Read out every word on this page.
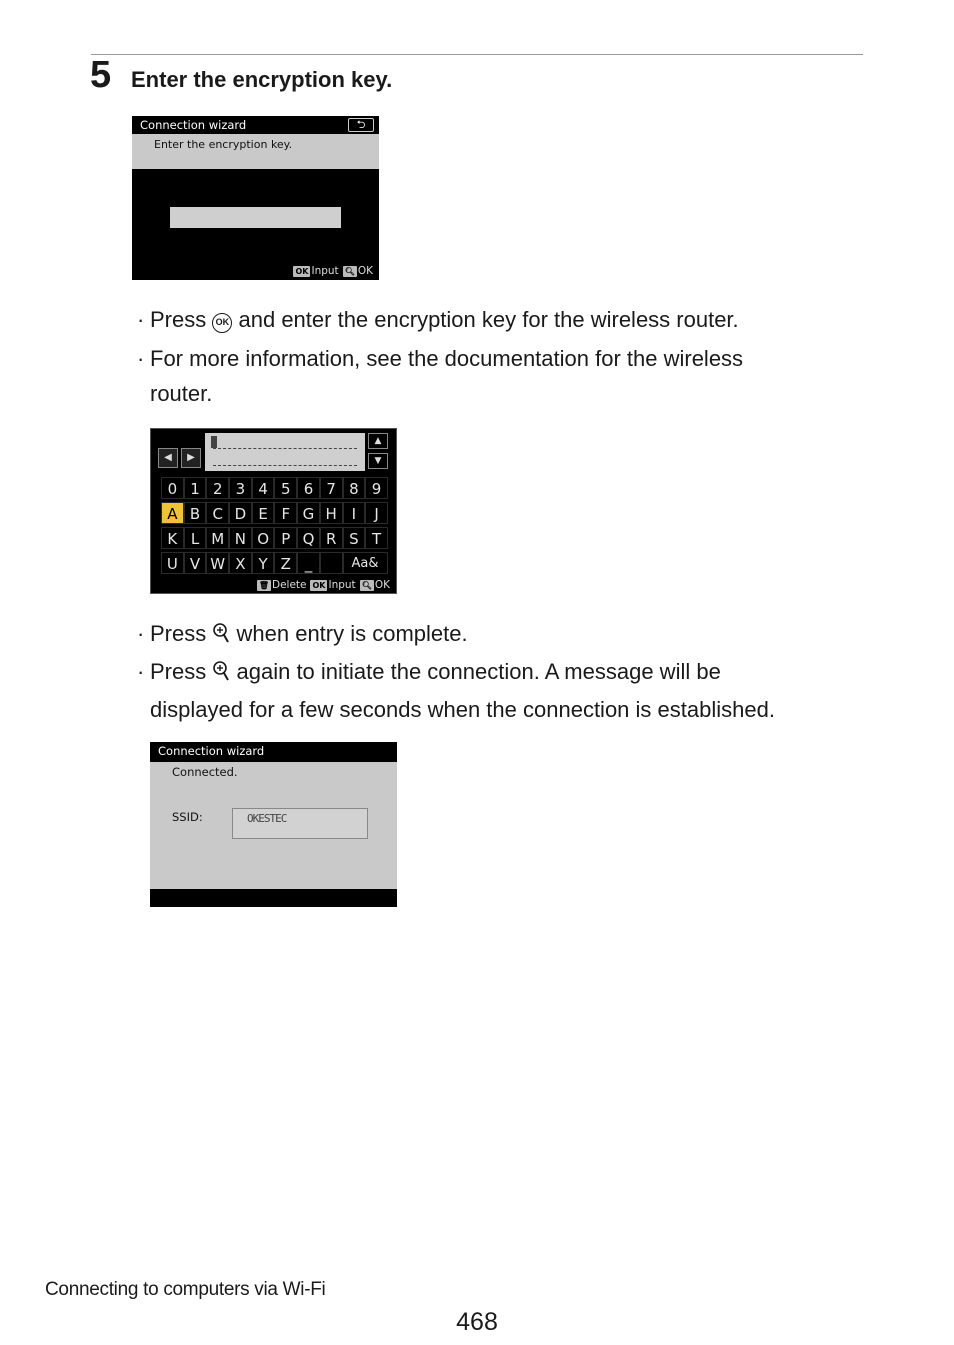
5 Enter the encryption key.
Connection wizard	⮌
Enter the encryption key.
OK Input 🔍︎ OK
· Press OK and enter the encryption key for the wireless router.
· For more information, see the documentation for the wireless
router.
◀	▶
▲
▼
0 1 2 3 4 5 6 7 8 9
A B C D E F G H I	J
K L M N O P Q R S T
U V W X Y Z _	Aa&
🗑︎ Delete OK Input 🔍︎ OK
· Press when entry is complete.
· Press again to initiate the connection. A message will be
displayed for a few seconds when the connection is established.
Connection wizard
Connected.
SSID:	OKESTEC
Connecting to computers via Wi-Fi
468
